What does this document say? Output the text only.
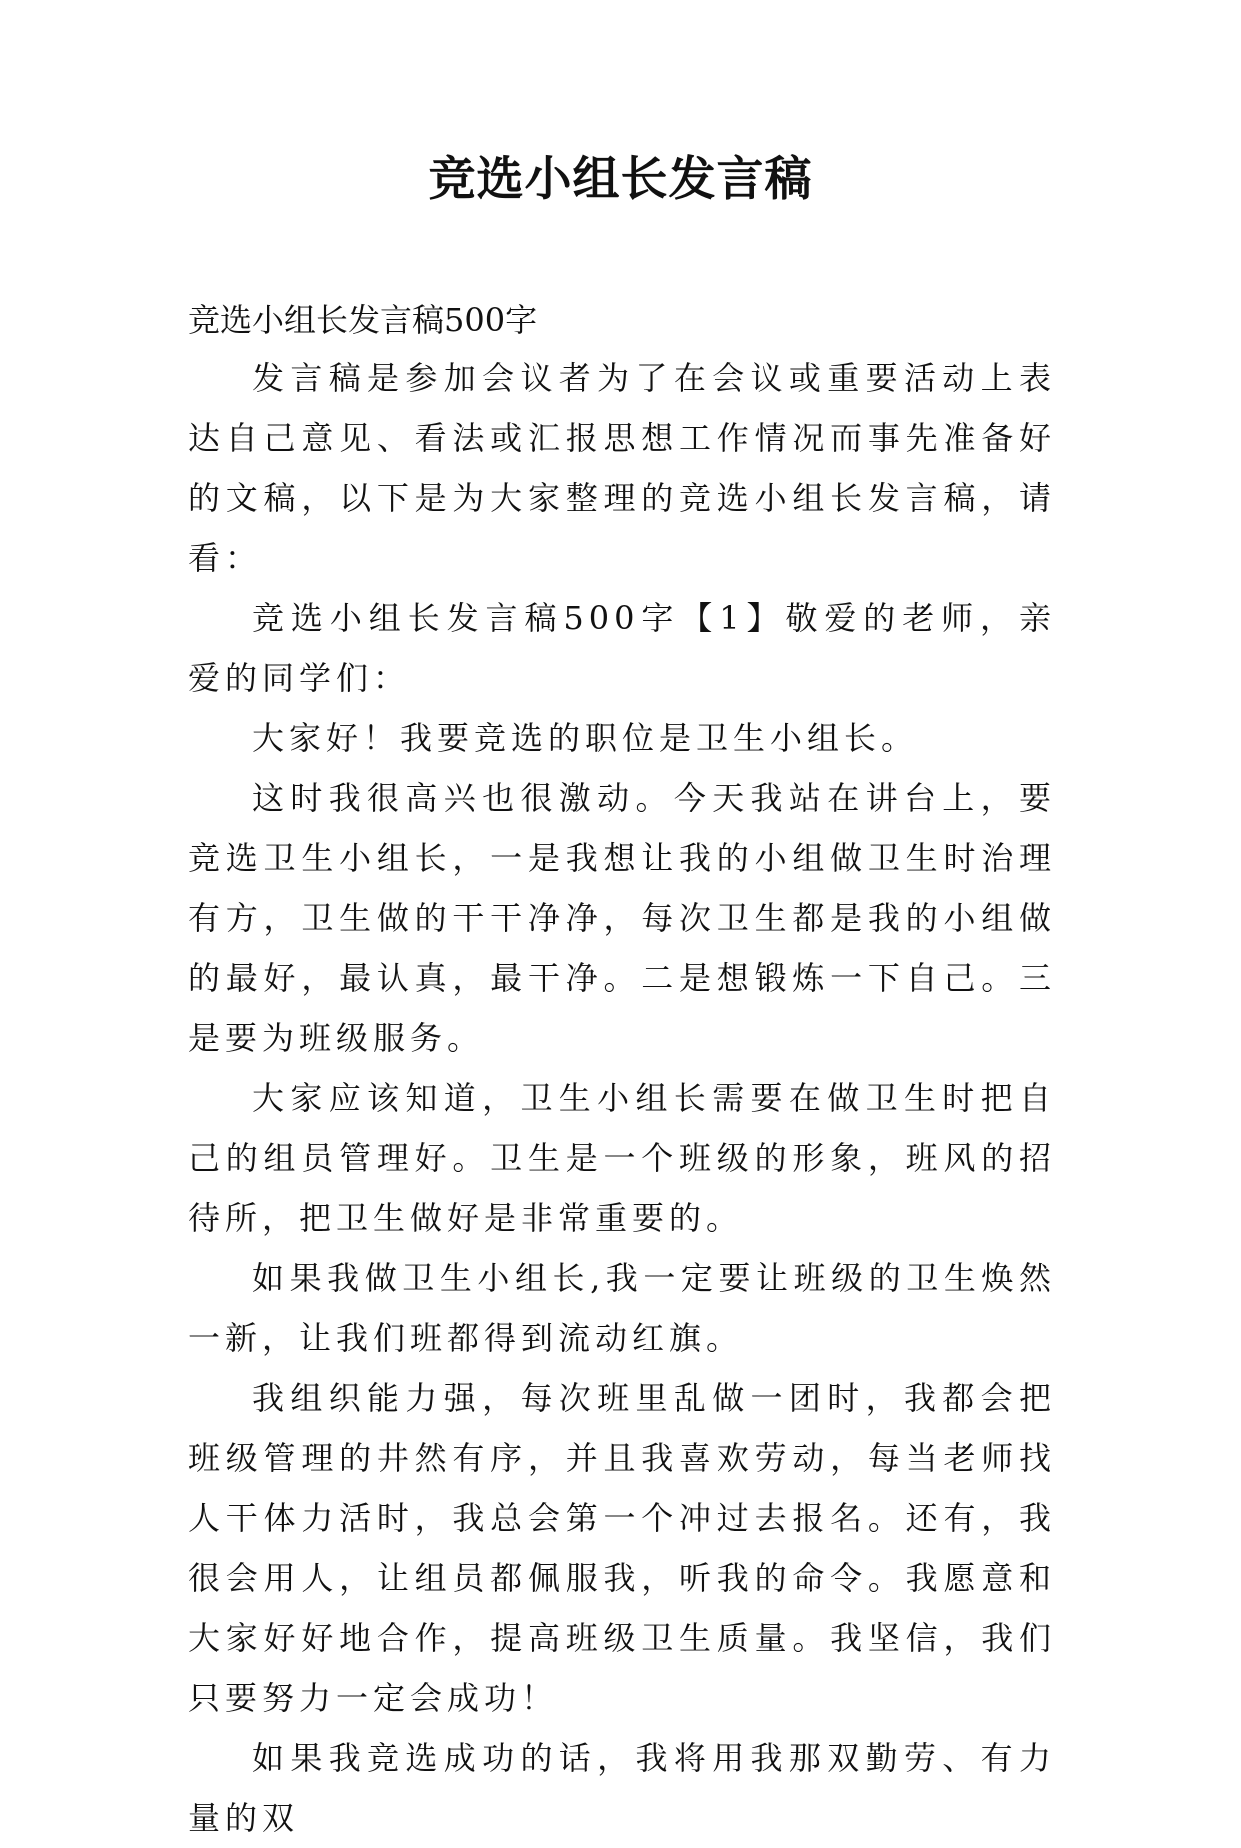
竞选小组长发言稿

竞选小组长发言稿500字

发言稿是参加会议者为了在会议或重要活动上表达自己意见、看法或汇报思想工作情况而事先准备好的文稿，以下是为大家整理的竞选小组长发言稿，请看：

竞选小组长发言稿500字【1】敬爱的老师，亲爱的同学们：

大家好！我要竞选的职位是卫生小组长。

这时我很高兴也很激动。今天我站在讲台上，要竞选卫生小组长，一是我想让我的小组做卫生时治理有方，卫生做的干干净净，每次卫生都是我的小组做的最好，最认真，最干净。二是想锻炼一下自己。三是要为班级服务。

大家应该知道，卫生小组长需要在做卫生时把自己的组员管理好。卫生是一个班级的形象，班风的招待所，把卫生做好是非常重要的。

如果我做卫生小组长,我一定要让班级的卫生焕然一新，让我们班都得到流动红旗。

我组织能力强，每次班里乱做一团时，我都会把班级管理的井然有序，并且我喜欢劳动，每当老师找人干体力活时，我总会第一个冲过去报名。还有，我很会用人，让组员都佩服我，听我的命令。我愿意和大家好好地合作，提高班级卫生质量。我坚信，我们只要努力一定会成功！

如果我竞选成功的话，我将用我那双勤劳、有力量的双
